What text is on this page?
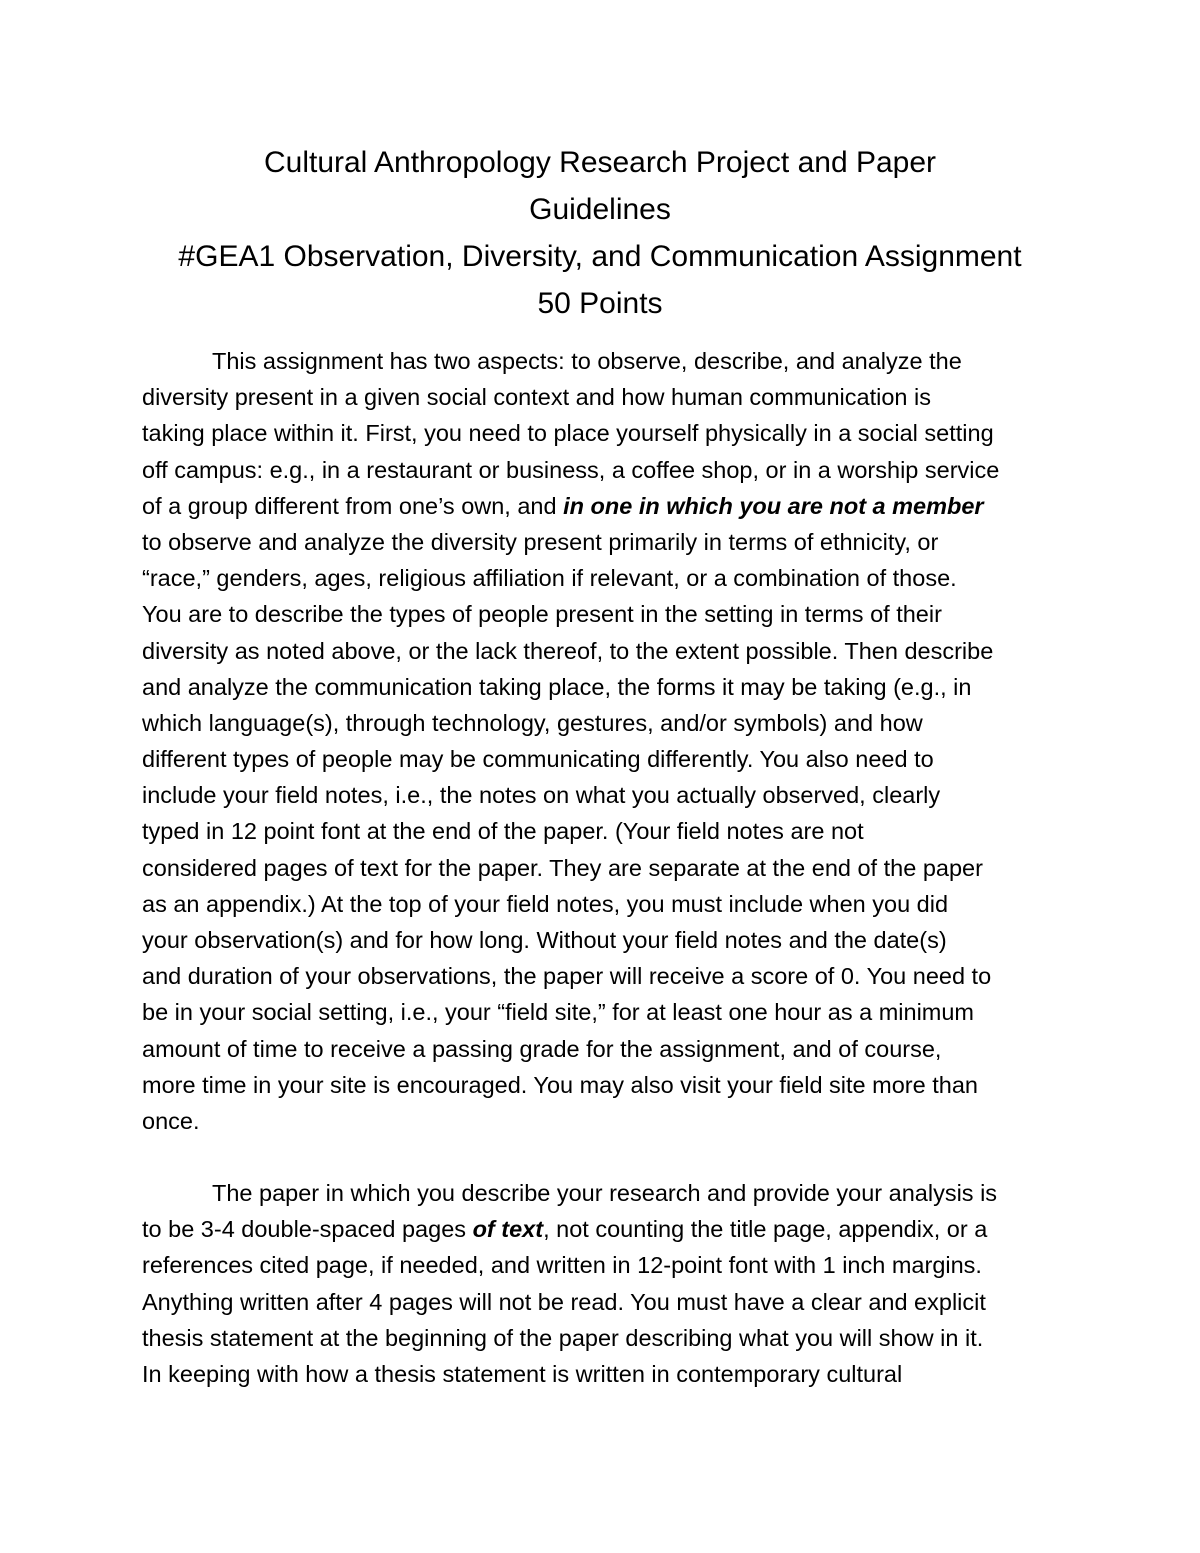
Cultural Anthropology Research Project and Paper
Guidelines
#GEA1 Observation, Diversity, and Communication Assignment
50 Points
This assignment has two aspects: to observe, describe, and analyze the
diversity present in a given social context and how human communication is
taking place within it. First, you need to place yourself physically in a social setting
off campus: e.g., in a restaurant or business, a coffee shop, or in a worship service
of a group different from one’s own, and in one in which you are not a member
to observe and analyze the diversity present primarily in terms of ethnicity, or
“race,” genders, ages, religious affiliation if relevant, or a combination of those.
You are to describe the types of people present in the setting in terms of their
diversity as noted above, or the lack thereof, to the extent possible. Then describe
and analyze the communication taking place, the forms it may be taking (e.g., in
which language(s), through technology, gestures, and/or symbols) and how
different types of people may be communicating differently. You also need to
include your field notes, i.e., the notes on what you actually observed, clearly
typed in 12 point font at the end of the paper. (Your field notes are not
considered pages of text for the paper. They are separate at the end of the paper
as an appendix.) At the top of your field notes, you must include when you did
your observation(s) and for how long. Without your field notes and the date(s)
and duration of your observations, the paper will receive a score of 0. You need to
be in your social setting, i.e., your “field site,” for at least one hour as a minimum
amount of time to receive a passing grade for the assignment, and of course,
more time in your site is encouraged. You may also visit your field site more than
once.
The paper in which you describe your research and provide your analysis is
to be 3-4 double-spaced pages of text, not counting the title page, appendix, or a
references cited page, if needed, and written in 12-point font with 1 inch margins.
Anything written after 4 pages will not be read. You must have a clear and explicit
thesis statement at the beginning of the paper describing what you will show in it.
In keeping with how a thesis statement is written in contemporary cultural
